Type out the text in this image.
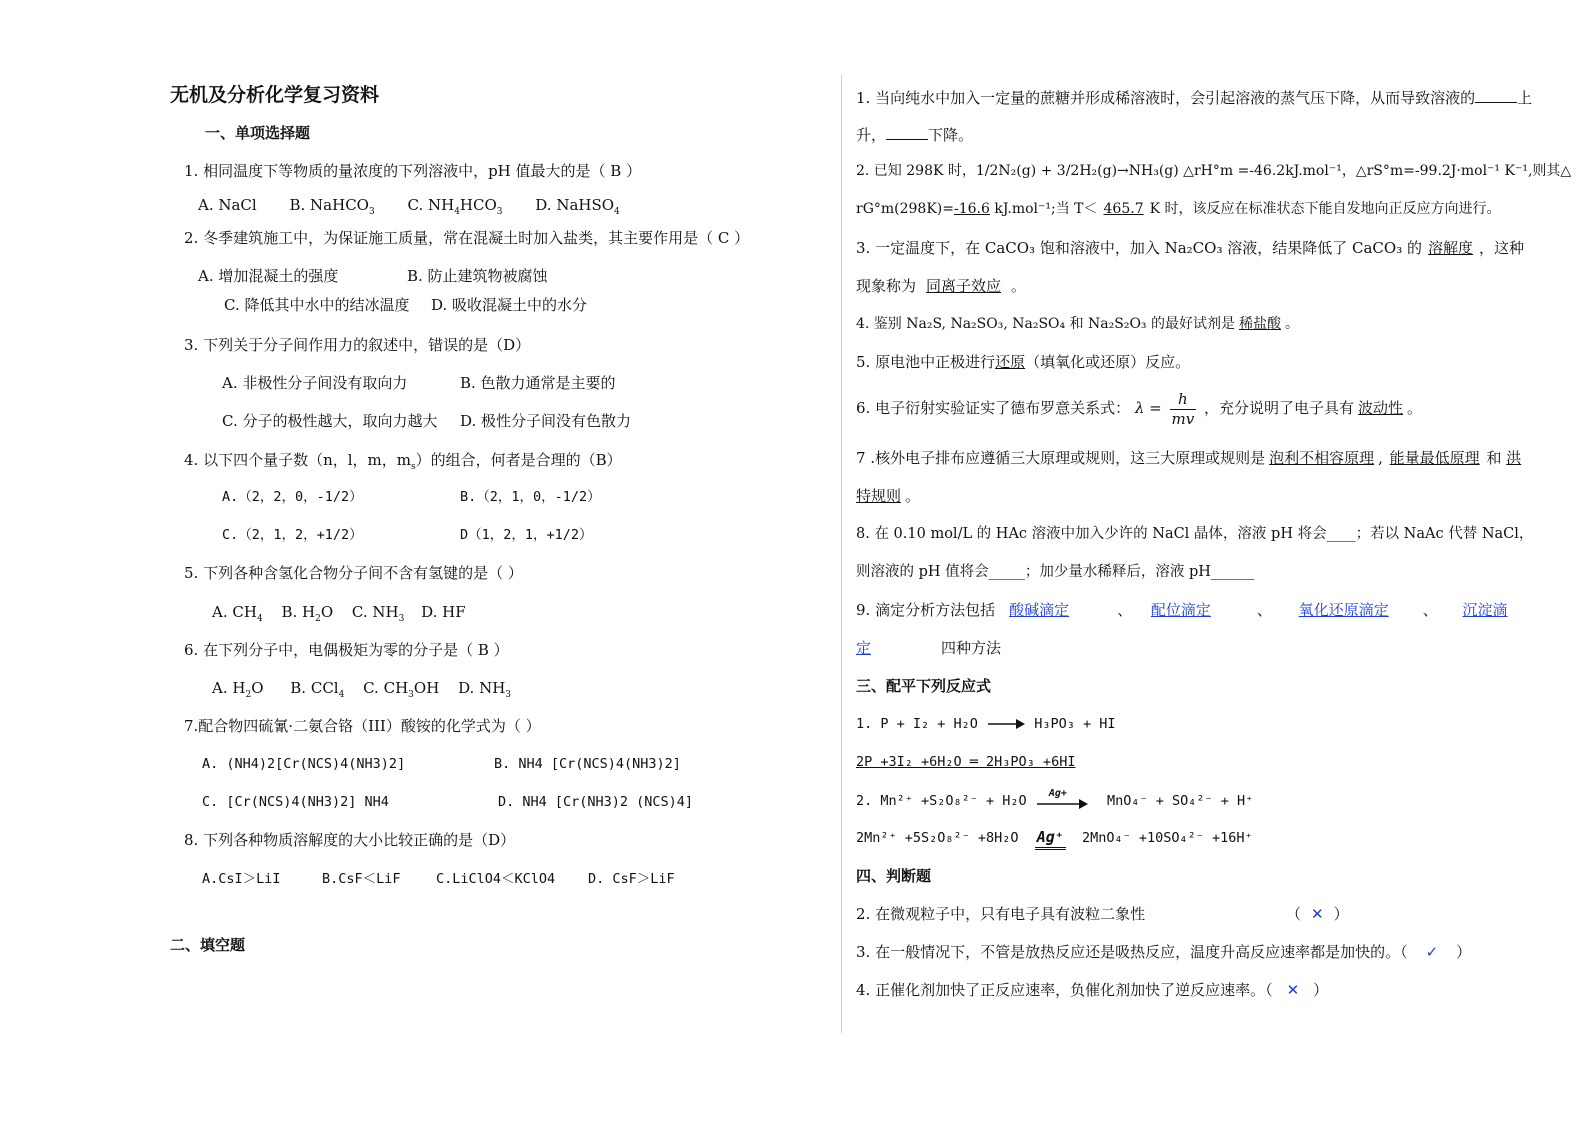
无机及分析化学复习资料
一、单项选择题
1. 相同温度下等物质的量浓度的下列溶液中，pH 值最大的是（ B ）
A. NaCl B. NaHCO$_3$ C. $NH_4HCO_3$ D. NaHSO$_4$
2. 冬季建筑施工中，为保证施工质量，常在混凝土时加入盐类，其主要作用是（ C ）
A. 增加混凝土的强度	B. 防止建筑物被腐蚀
C. 降低其中水中的结冰温度 D. 吸收混凝土中的水分
3. 下列关于分子间作用力的叙述中，错误的是（D）
A. 非极性分子间没有取向力	B. 色散力通常是主要的
C. 分子的极性越大，取向力越大 D. 极性分子间没有色散力
4. 以下四个量子数（n，l，m，$m_s$）的组合，何者是合理的（B）
A.（2，2，0，-1/2）	B.（2，1，0，-1/2）
C.（2，1，2，+1/2）	D（1，2，1，+1/2）
5. 下列各种含氢化合物分子间不含有氢键的是（ ）
A. $CH_4$ B. $H_2O$ C. $NH_3$ D. HF
6. 在下列分子中，电偶极矩为零的分子是（ B ）
A. $H_2O$ B. CCl$_4$ C. $CH_3OH$ D. $NH_3$
7.配合物四硫氰·二氨合铬（III）酸铵的化学式为（ ）
A. (NH4)2[Cr(NCS)4(NH3)2]	B. NH4 [Cr(NCS)4(NH3)2]
C. [Cr(NCS)4(NH3)2] NH4	D. NH4 [Cr(NH3)2 (NCS)4]
8. 下列各种物质溶解度的大小比较正确的是（D）
A.CsI＞LiI	B.CsF＜LiF	C.LiClO4＜KClO4 D. CsF＞LiF
二、填空题
1. 当向纯水中加入一定量的蔗糖并形成稀溶液时，会引起溶液的蒸气压下降，从而导致溶液的	上
升，	下降。
2. 已知 298K 时，1/2N₂(g) + 3/2H₂(g)→NH₃(g) △rH°m =-46.2kJ.mol⁻¹，△rS°m=-99.2J·mol⁻¹ K⁻¹,则其△
rG°m(298K)=-16.6 kJ.mol⁻¹;当 T＜ 465.7 K 时，该反应在标准状态下能自发地向正反应方向进行。
3. 一定温度下，在 CaCO₃ 饱和溶液中，加入 Na₂CO₃ 溶液，结果降低了 CaCO₃ 的 溶解度 ，这种
现象称为 同离子效应 。
4. 鉴别 Na₂S, Na₂SO₃, Na₂SO₄ 和 Na₂S₂O₃ 的最好试剂是 稀盐酸 。
5. 原电池中正极进行还原（填氧化或还原）反应。
6. 电子衍射实验证实了德布罗意关系式： $\lambda = \frac{h}{mv}$ ，充分说明了电子具有 波动性 。
7 .核外电子排布应遵循三大原理或规则，这三大原理或规则是 泡利不相容原理 , 能量最低原理 和 洪
特规则 。
8. 在 0.10 mol/L 的 HAc 溶液中加入少许的 NaCl 晶体，溶液 pH 将会____；若以 NaAc 代替 NaCl，
则溶液的 pH 值将会_____；加少量水稀释后，溶液 pH______
9. 滴定分析方法包括 酸碱滴定	、 配位滴定	、 氧化还原滴定 、 沉淀滴
定	四种方法
三、配平下列反应式
1. P + I₂ + H₂O → H₃PO₃ + HI
2P +3I₂ +6H₂O ═ 2H₃PO₃ +6HI
2. Mn²⁺ +S₂O₈²⁻ + H₂O Ag+	MnO₄⁻ + SO₄²⁻ + H⁺
2Mn²⁺ +5S₂O₈²⁻ +8H₂O Ag⁺ 2MnO₄⁻ +10SO₄²⁻ +16H⁺
四、判断题
2. 在微观粒子中，只有电子具有波粒二象性	（ ✕ ）
3. 在一般情况下，不管是放热反应还是吸热反应，温度升高反应速率都是加快的。（ ✓ ）
4. 正催化剂加快了正反应速率，负催化剂加快了逆反应速率。（ ✕ ）
